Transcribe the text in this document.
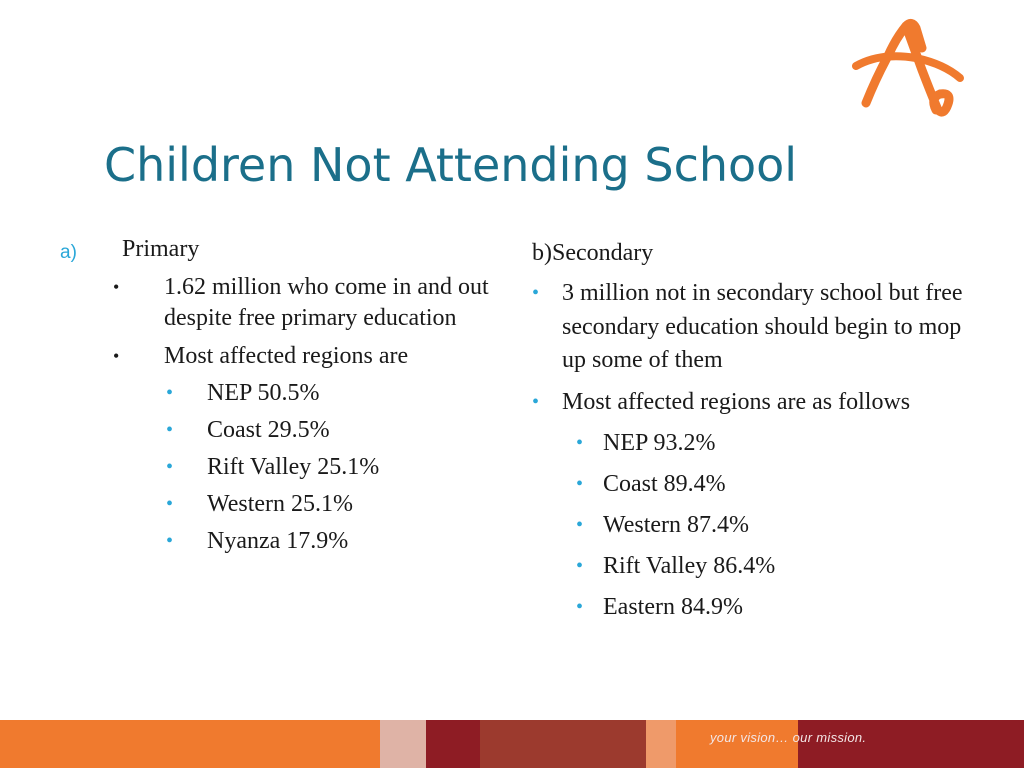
Children Not Attending School
a) Primary
• 1.62 million who come in and out despite free primary education
• Most affected regions are
• NEP 50.5%
• Coast 29.5%
• Rift Valley 25.1%
• Western 25.1%
• Nyanza 17.9%
b)Secondary
• 3 million not in secondary school but free secondary education should begin to mop up some of them
• Most affected regions are as follows
• NEP 93.2%
• Coast 89.4%
• Western 87.4%
• Rift Valley 86.4%
• Eastern 84.9%
your vision… our mission.
